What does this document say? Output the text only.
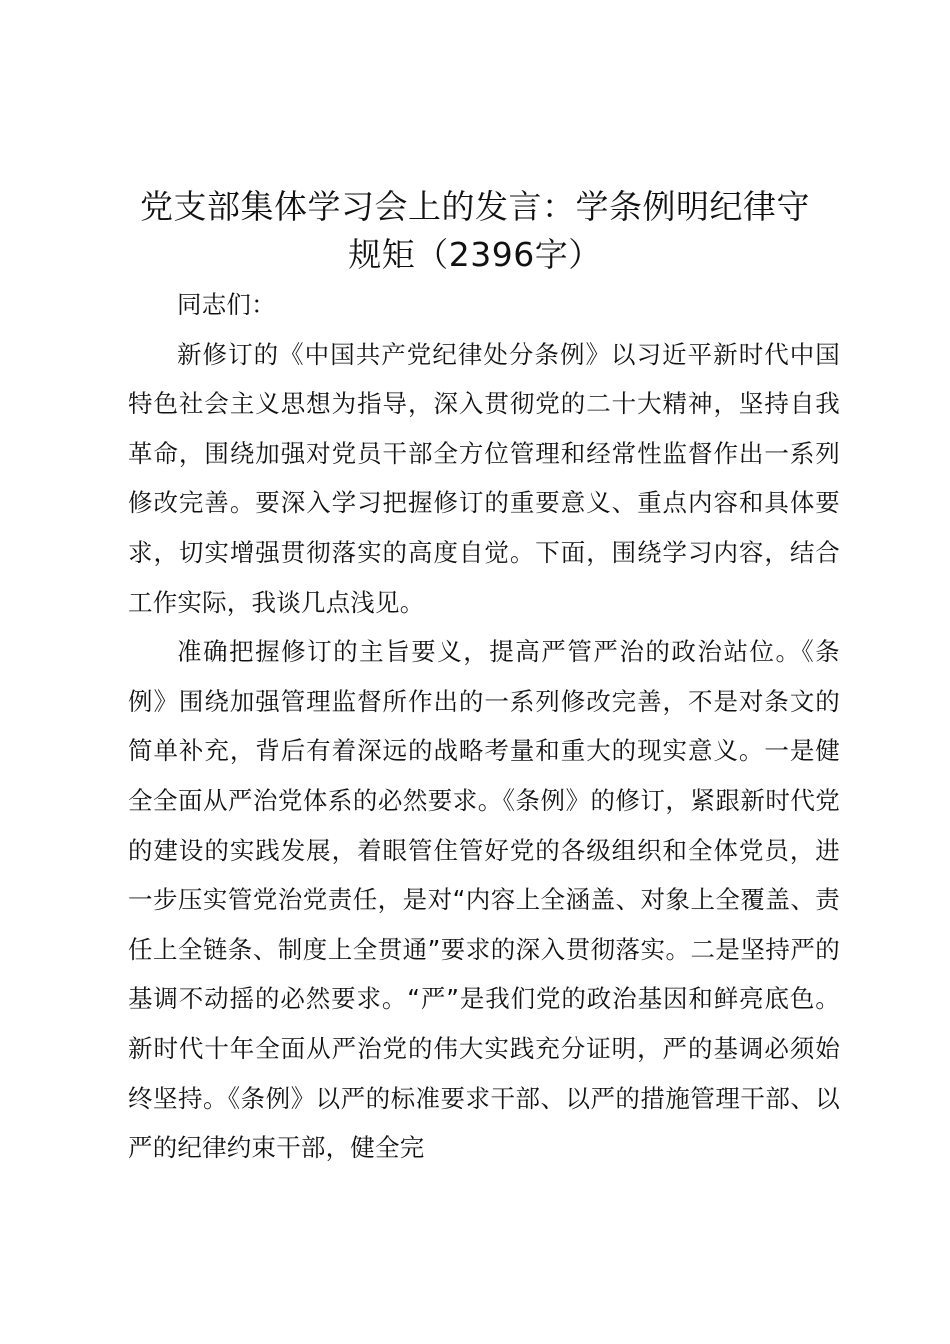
党支部集体学习会上的发言：学条例明纪律守
规矩（2396字）

同志们：

新修订的《中国共产党纪律处分条例》以习近平新时代中国特色社会主义思想为指导，深入贯彻党的二十大精神，坚持自我革命，围绕加强对党员干部全方位管理和经常性监督作出一系列修改完善。要深入学习把握修订的重要意义、重点内容和具体要求，切实增强贯彻落实的高度自觉。下面，围绕学习内容，结合工作实际，我谈几点浅见。

准确把握修订的主旨要义，提高严管严治的政治站位。《条例》围绕加强管理监督所作出的一系列修改完善，不是对条文的简单补充，背后有着深远的战略考量和重大的现实意义。一是健全全面从严治党体系的必然要求。《条例》的修订，紧跟新时代党的建设的实践发展，着眼管住管好党的各级组织和全体党员，进一步压实管党治党责任，是对“内容上全涵盖、对象上全覆盖、责任上全链条、制度上全贯通”要求的深入贯彻落实。二是坚持严的基调不动摇的必然要求。“严”是我们党的政治基因和鲜亮底色。新时代十年全面从严治党的伟大实践充分证明，严的基调必须始终坚持。《条例》以严的标准要求干部、以严的措施管理干部、以严的纪律约束干部，健全完
